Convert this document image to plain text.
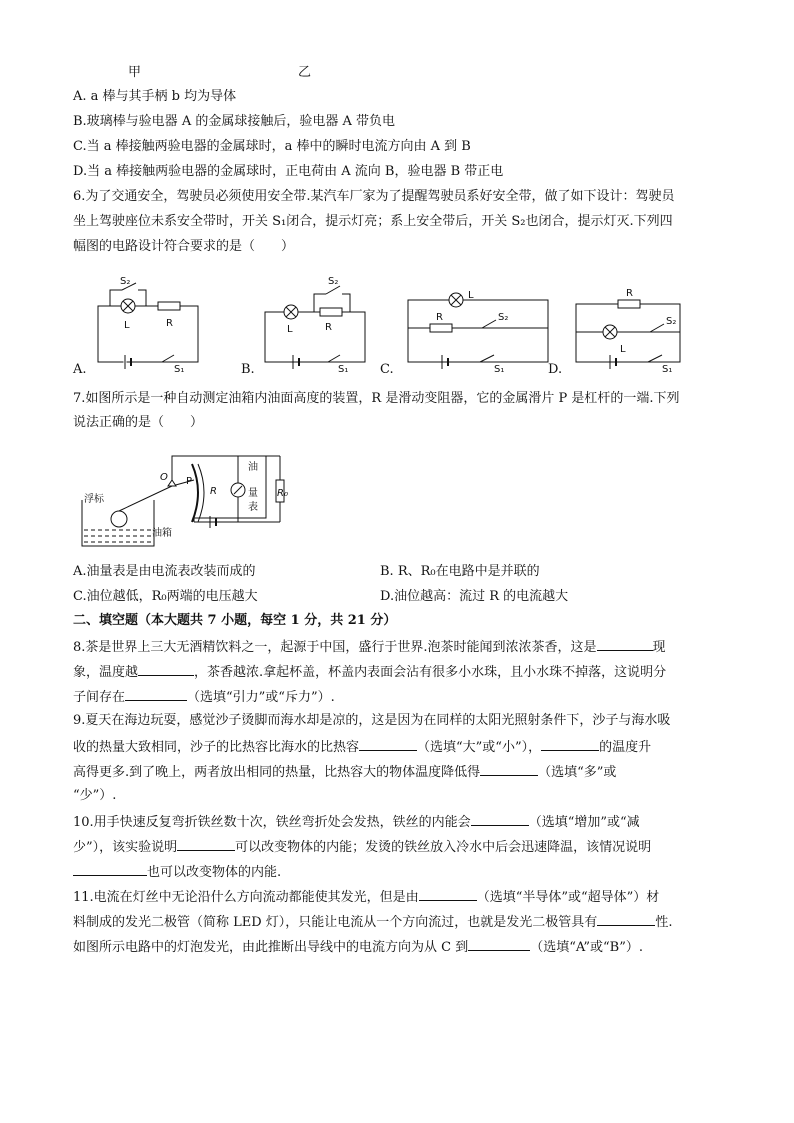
甲	乙
A. a 棒与其手柄 b 均为导体
B.玻璃棒与验电器 A 的金属球接触后，验电器 A 带负电
C.当 a 棒接触两验电器的金属球时，a 棒中的瞬时电流方向由 A 到 B
D.当 a 棒接触两验电器的金属球时，正电荷由 A 流向 B，验电器 B 带正电
6.为了交通安全，驾驶员必须使用安全带.某汽车厂家为了提醒驾驶员系好安全带，做了如下设计：驾驶员
坐上驾驶座位未系安全带时，开关 S₁闭合，提示灯亮；系上安全带后，开关 S₂也闭合，提示灯灭.下列四
幅图的电路设计符合要求的是（　　）
S₂
L	R
S₁
S₂
L	R
S₁
L
R	S₂
S₁
R
L
S₂
S₁
A.	B.	C.	D.
7.如图所示是一种自动测定油箱内油面高度的装置，R 是滑动变阻器，它的金属滑片 P 是杠杆的一端.下列
说法正确的是（　　）
浮标
O P
R	R₀
油箱
油
量
表
A.油量表是由电流表改装而成的	B. R、R₀在电路中是并联的
C.油位越低，R₀两端的电压越大	D.油位越高：流过 R 的电流越大
二、填空题（本大题共 7 小题，每空 1 分，共 21 分）
8.茶是世界上三大无酒精饮料之一，起源于中国，盛行于世界.泡茶时能闻到浓浓茶香，这是	现
象，温度越	，茶香越浓.拿起杯盖，杯盖内表面会沾有很多小水珠，且小水珠不掉落，这说明分
子间存在	（选填“引力”或“斥力”）.
9.夏天在海边玩耍，感觉沙子烫脚而海水却是凉的，这是因为在同样的太阳光照射条件下，沙子与海水吸
收的热量大致相同，沙子的比热容比海水的比热容	（选填“大”或“小”），	的温度升
高得更多.到了晚上，两者放出相同的热量，比热容大的物体温度降低得	（选填“多”或
“少”）.
10.用手快速反复弯折铁丝数十次，铁丝弯折处会发热，铁丝的内能会	（选填“增加”或“减
少”），该实验说明	可以改变物体的内能；发烫的铁丝放入冷水中后会迅速降温，该情况说明
也可以改变物体的内能.
11.电流在灯丝中无论沿什么方向流动都能使其发光，但是由	（选填“半导体”或“超导体”）材
料制成的发光二极管（简称 LED 灯），只能让电流从一个方向流过，也就是发光二极管具有	性.
如图所示电路中的灯泡发光，由此推断出导线中的电流方向为从 C 到	（选填“A”或“B”）.
